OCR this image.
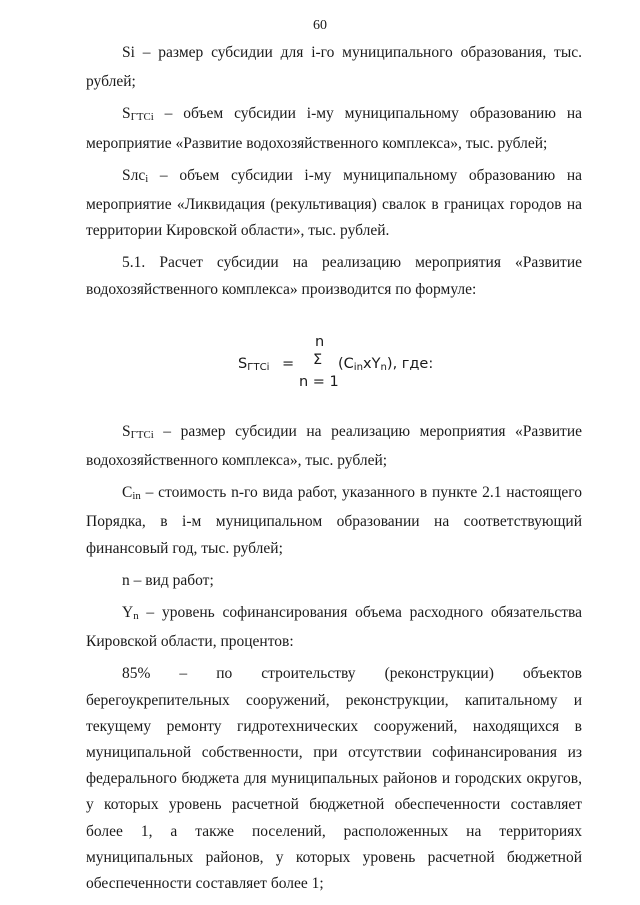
60

Si – размер субсидии для i-го муниципального образования, тыс. рублей;

$S_{ГТCi}$ – объем субсидии i-му муниципальному образованию на мероприятие «Развитие водохозяйственного комплекса», тыс. рублей;

Sлс$_i$ – объем субсидии i-му муниципальному образованию на мероприятие «Ликвидация (рекультивация) свалок в границах городов на территории Кировской области», тыс. рублей.

5.1. Расчет субсидии на реализацию мероприятия «Развитие водохозяйственного комплекса» производится по формуле:

$S_{ГТCi}$ =
n
Σ
n = 1
$(C_{in}xY_n)$, где:

$S_{ГТCi}$ – размер субсидии на реализацию мероприятия «Развитие водохозяйственного комплекса», тыс. рублей;

$C_{in}$ – стоимость n-го вида работ, указанного в пункте 2.1 настоящего Порядка, в i-м муниципальном образовании на соответствующий финансовый год, тыс. рублей;

n – вид работ;

$Y_n$ – уровень софинансирования объема расходного обязательства Кировской области, процентов:

85% – по строительству (реконструкции) объектов берегоукрепительных сооружений, реконструкции, капитальному и текущему ремонту гидротехнических сооружений, находящихся в муниципальной собственности, при отсутствии софинансирования из федерального бюджета для муниципальных районов и городских округов, у которых уровень расчетной бюджетной обеспеченности составляет более 1, а также поселений, расположенных на территориях муниципальных районов, у которых уровень расчетной бюджетной обеспеченности составляет более 1;
